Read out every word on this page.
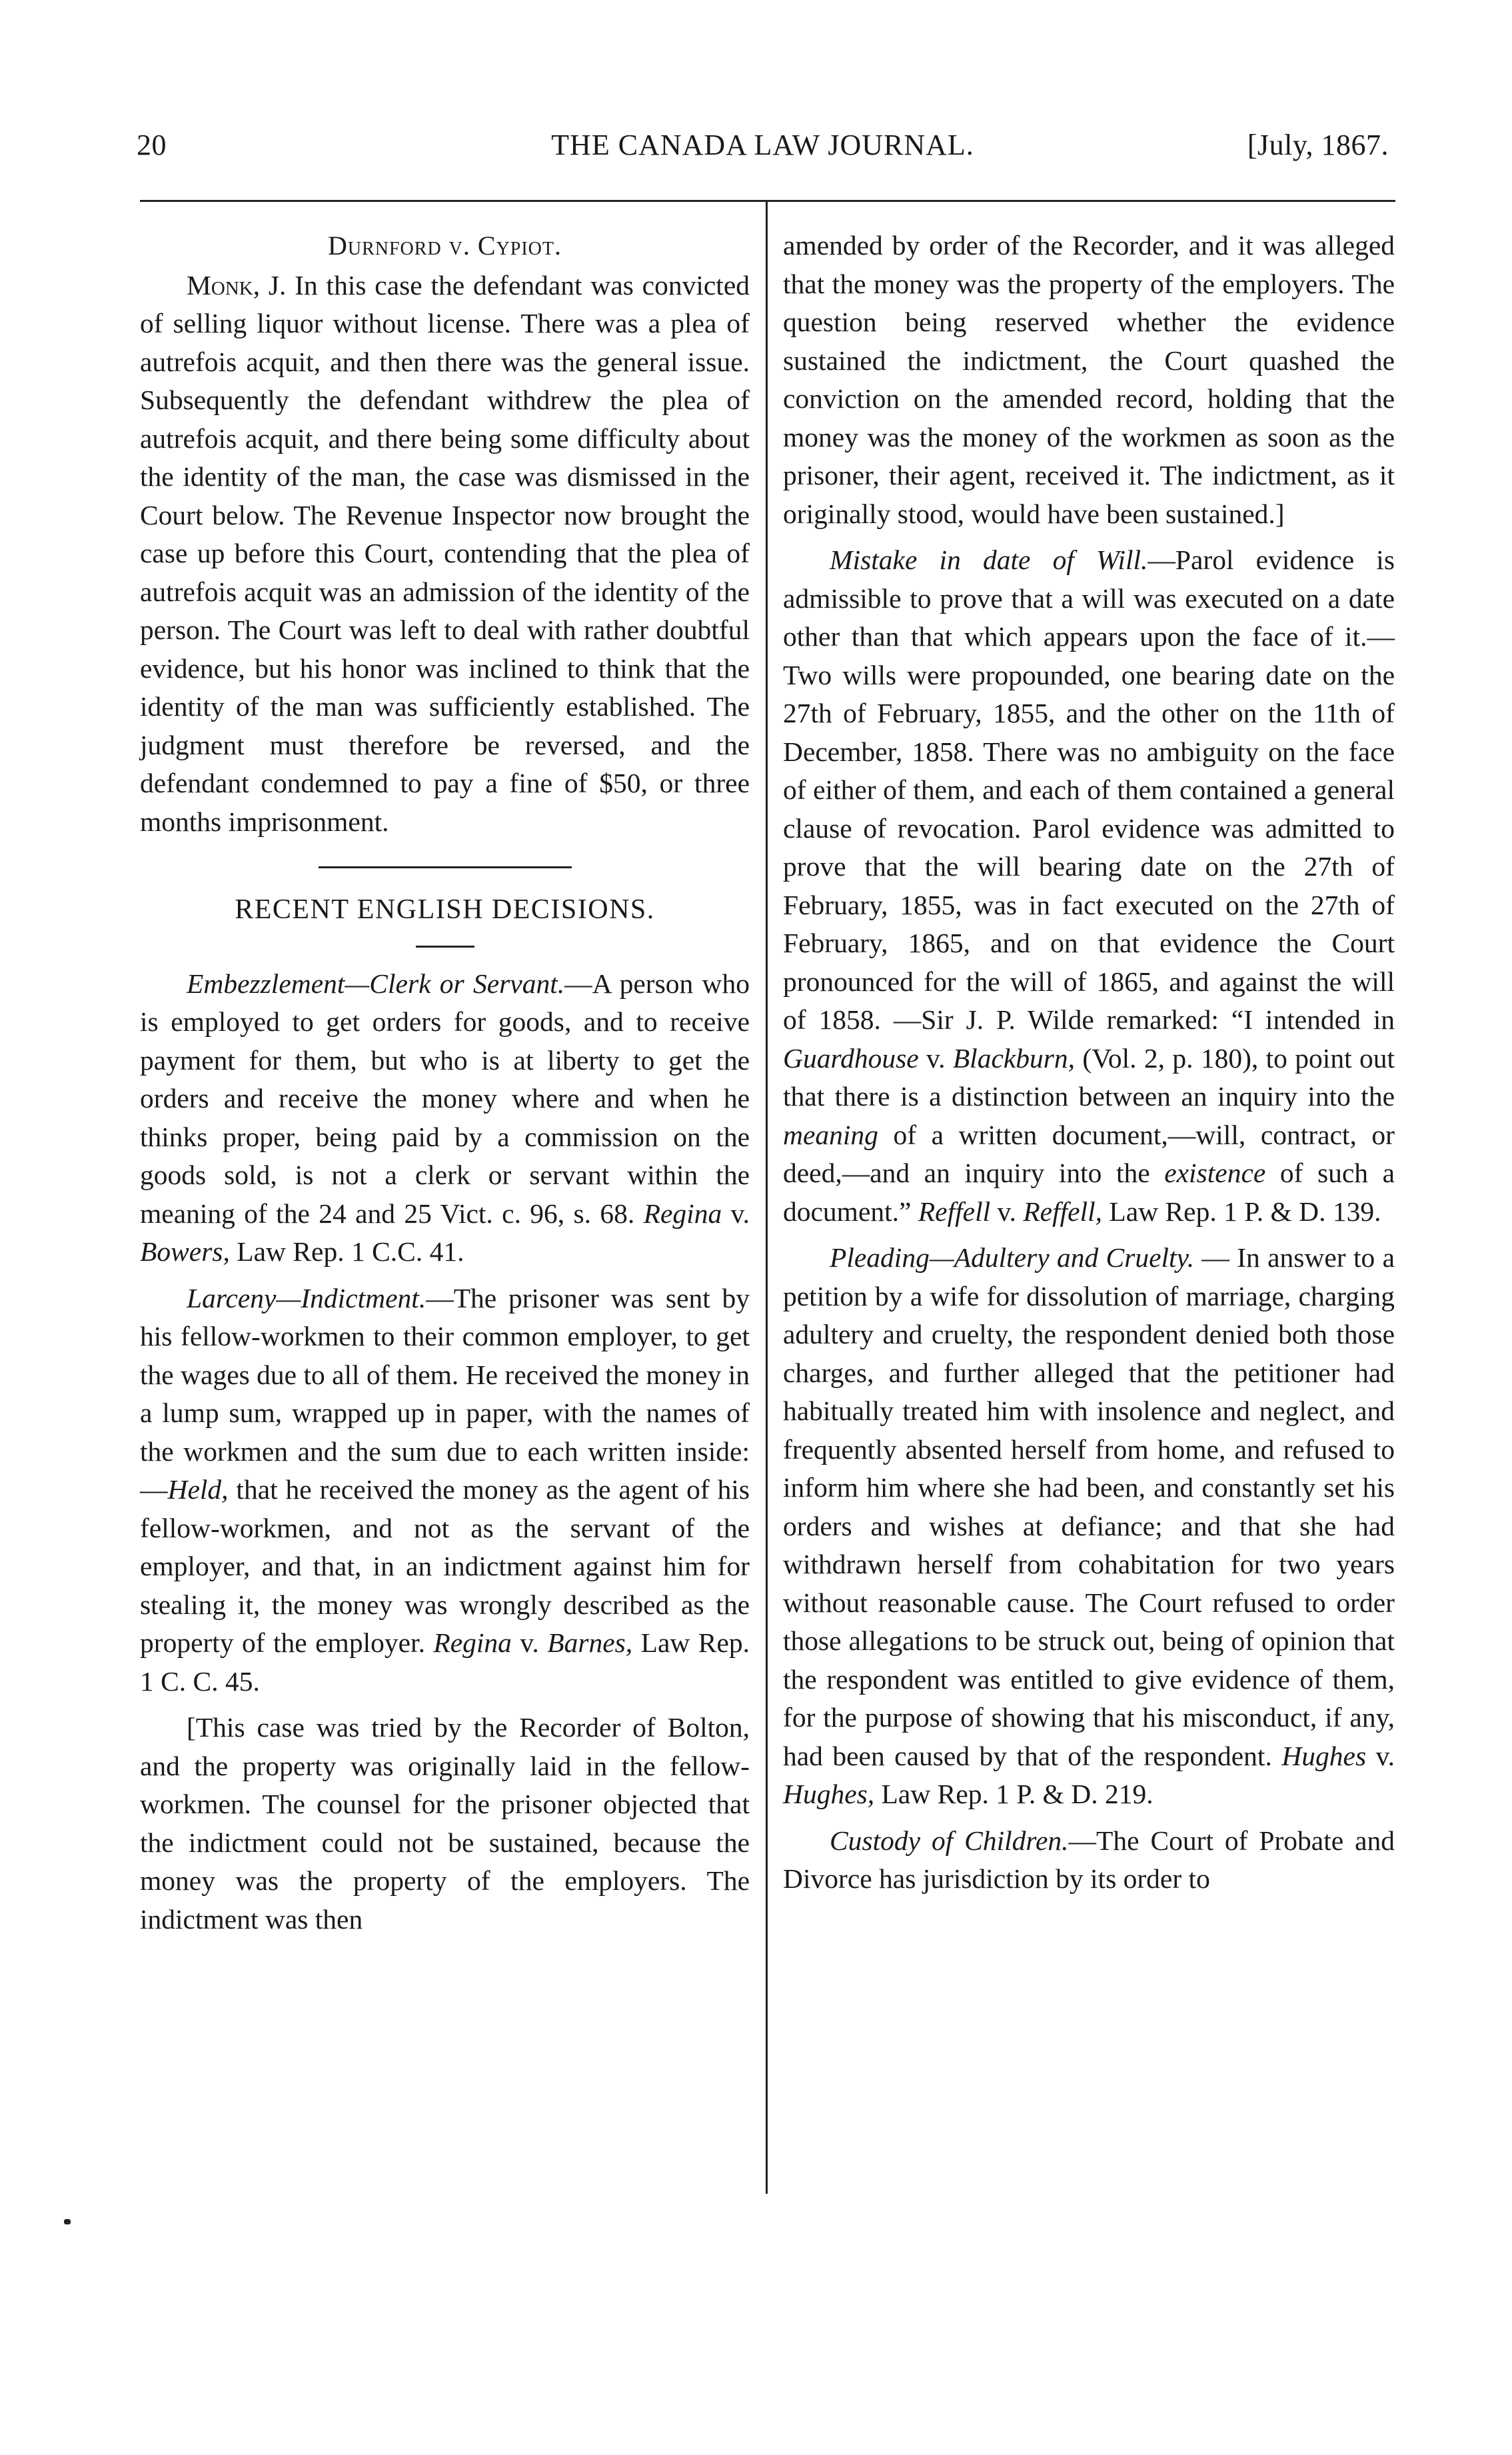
20	THE CANADA LAW JOURNAL.	[July, 1867.
Durnford v. Cypiot.

Monk, J. In this case the defendant was convicted of selling liquor without license. There was a plea of autrefois acquit, and then there was the general issue. Subsequently the defendant withdrew the plea of autrefois acquit, and there being some difficulty about the identity of the man, the case was dismissed in the Court below. The Revenue Inspector now brought the case up before this Court, contending that the plea of autrefois acquit was an admission of the identity of the person. The Court was left to deal with rather doubtful evidence, but his honor was inclined to think that the identity of the man was sufficiently established. The judgment must therefore be reversed, and the defendant condemned to pay a fine of $50, or three months imprisonment.

RECENT ENGLISH DECISIONS.

Embezzlement—Clerk or Servant.—A person who is employed to get orders for goods, and to receive payment for them, but who is at liberty to get the orders and receive the money where and when he thinks proper, being paid by a commission on the goods sold, is not a clerk or servant within the meaning of the 24 and 25 Vict. c. 96, s. 68. Regina v. Bowers, Law Rep. 1 C.C. 41.

Larceny—Indictment.—The prisoner was sent by his fellow-workmen to their common employer, to get the wages due to all of them. He received the money in a lump sum, wrapped up in paper, with the names of the workmen and the sum due to each written inside: —Held, that he received the money as the agent of his fellow-workmen, and not as the servant of the employer, and that, in an indictment against him for stealing it, the money was wrongly described as the property of the employer. Regina v. Barnes, Law Rep. 1 C. C. 45.

[This case was tried by the Recorder of Bolton, and the property was originally laid in the fellow-workmen. The counsel for the prisoner objected that the indictment could not be sustained, because the money was the property of the employers. The indictment was then

amended by order of the Recorder, and it was alleged that the money was the property of the employers. The question being reserved whether the evidence sustained the indictment, the Court quashed the conviction on the amended record, holding that the money was the money of the workmen as soon as the prisoner, their agent, received it. The indictment, as it originally stood, would have been sustained.]

Mistake in date of Will.—Parol evidence is admissible to prove that a will was executed on a date other than that which appears upon the face of it.—Two wills were propounded, one bearing date on the 27th of February, 1855, and the other on the 11th of December, 1858. There was no ambiguity on the face of either of them, and each of them contained a general clause of revocation. Parol evidence was admitted to prove that the will bearing date on the 27th of February, 1855, was in fact executed on the 27th of February, 1865, and on that evidence the Court pronounced for the will of 1865, and against the will of 1858. —Sir J. P. Wilde remarked: “I intended in Guardhouse v. Blackburn, (Vol. 2, p. 180), to point out that there is a distinction between an inquiry into the meaning of a written document,—will, contract, or deed,—and an inquiry into the existence of such a document.” Reffell v. Reffell, Law Rep. 1 P. & D. 139.

Pleading—Adultery and Cruelty. — In answer to a petition by a wife for dissolution of marriage, charging adultery and cruelty, the respondent denied both those charges, and further alleged that the petitioner had habitually treated him with insolence and neglect, and frequently absented herself from home, and refused to inform him where she had been, and constantly set his orders and wishes at defiance; and that she had withdrawn herself from cohabitation for two years without reasonable cause. The Court refused to order those allegations to be struck out, being of opinion that the respondent was entitled to give evidence of them, for the purpose of showing that his misconduct, if any, had been caused by that of the respondent. Hughes v. Hughes, Law Rep. 1 P. & D. 219.

Custody of Children.—The Court of Probate and Divorce has jurisdiction by its order to
